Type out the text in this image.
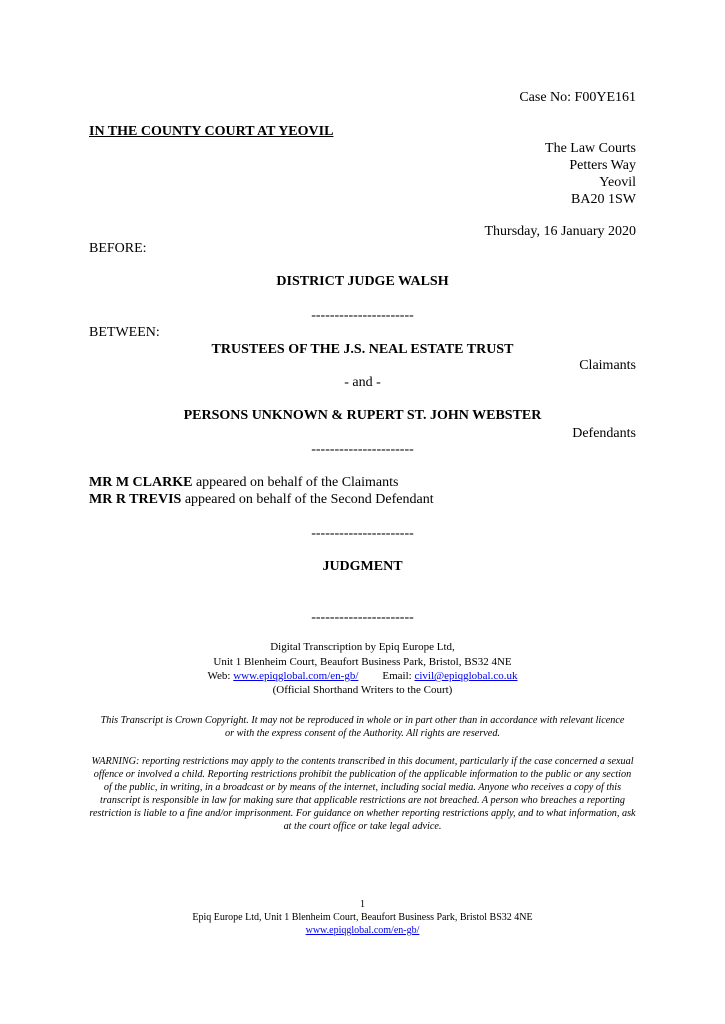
Case No: F00YE161
IN THE COUNTY COURT AT YEOVIL
The Law Courts
Petters Way
Yeovil
BA20 1SW
Thursday, 16 January 2020
BEFORE:
DISTRICT JUDGE WALSH
----------------------
BETWEEN:
TRUSTEES OF THE J.S. NEAL ESTATE TRUST
Claimants
- and -
PERSONS UNKNOWN & RUPERT ST. JOHN WEBSTER
Defendants
----------------------
MR M CLARKE appeared on behalf of the Claimants
MR R TREVIS appeared on behalf of the Second Defendant
----------------------
JUDGMENT
----------------------
Digital Transcription by Epiq Europe Ltd,
Unit 1 Blenheim Court, Beaufort Business Park, Bristol, BS32 4NE
Web: www.epiqglobal.com/en-gb/ Email: civil@epiqglobal.co.uk
(Official Shorthand Writers to the Court)
This Transcript is Crown Copyright. It may not be reproduced in whole or in part other than in accordance with relevant licence or with the express consent of the Authority. All rights are reserved.
WARNING: reporting restrictions may apply to the contents transcribed in this document, particularly if the case concerned a sexual offence or involved a child. Reporting restrictions prohibit the publication of the applicable information to the public or any section of the public, in writing, in a broadcast or by means of the internet, including social media. Anyone who receives a copy of this transcript is responsible in law for making sure that applicable restrictions are not breached. A person who breaches a reporting restriction is liable to a fine and/or imprisonment. For guidance on whether reporting restrictions apply, and to what information, ask at the court office or take legal advice.
1
Epiq Europe Ltd, Unit 1 Blenheim Court, Beaufort Business Park, Bristol BS32 4NE
www.epiqglobal.com/en-gb/
